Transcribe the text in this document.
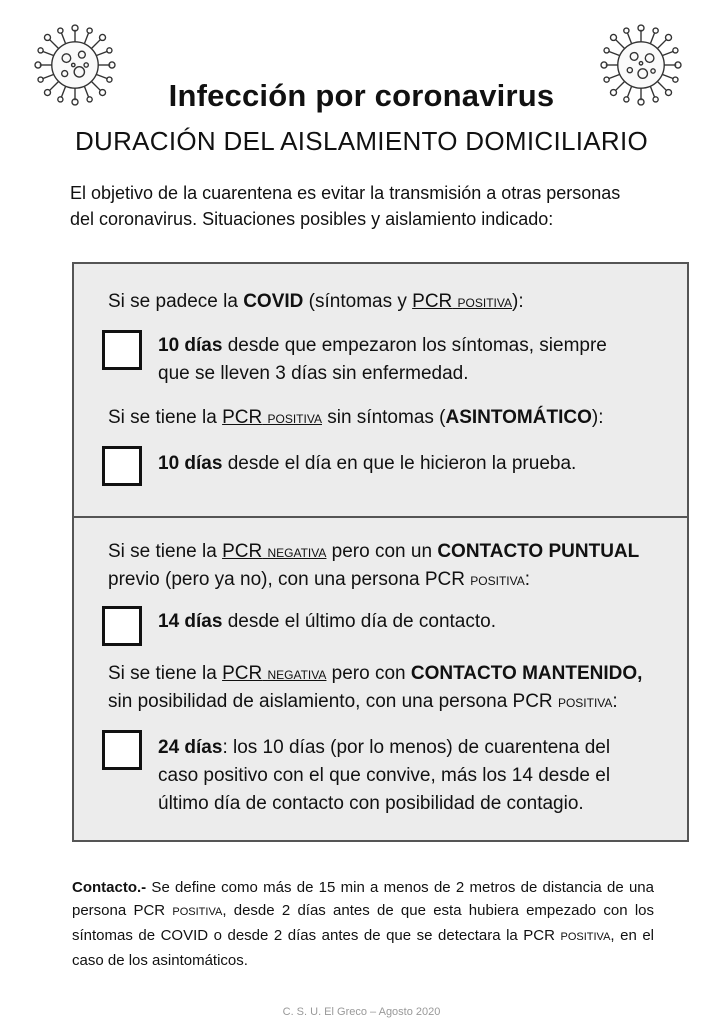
Infección por coronavirus
DURACIÓN DEL AISLAMIENTO DOMICILIARIO
El objetivo de la cuarentena es evitar la transmisión a otras personas
del coronavirus. Situaciones posibles y aislamiento indicado:
Si se padece la COVID (síntomas y PCR POSITIVA):
10 días desde que empezaron los síntomas, siempre
que se lleven 3 días sin enfermedad.
Si se tiene la PCR POSITIVA sin síntomas (ASINTOMÁTICO):
10 días desde el día en que le hicieron la prueba.
Si se tiene la PCR NEGATIVA pero con un CONTACTO PUNTUAL
previo (pero ya no), con una persona PCR POSITIVA:
14 días desde el último día de contacto.
Si se tiene la PCR NEGATIVA pero con CONTACTO MANTENIDO,
sin posibilidad de aislamiento, con una persona PCR POSITIVA:
24 días: los 10 días (por lo menos) de cuarentena del
caso positivo con el que convive, más los 14 desde el
último día de contacto con posibilidad de contagio.
Contacto.- Se define como más de 15 min a menos de 2 metros de distancia de una persona PCR POSITIVA, desde 2 días antes de que esta hubiera empezado con los síntomas de COVID o desde 2 días antes de que se detectara la PCR POSITIVA, en el caso de los asintomáticos.
C. S. U. El Greco – Agosto 2020
